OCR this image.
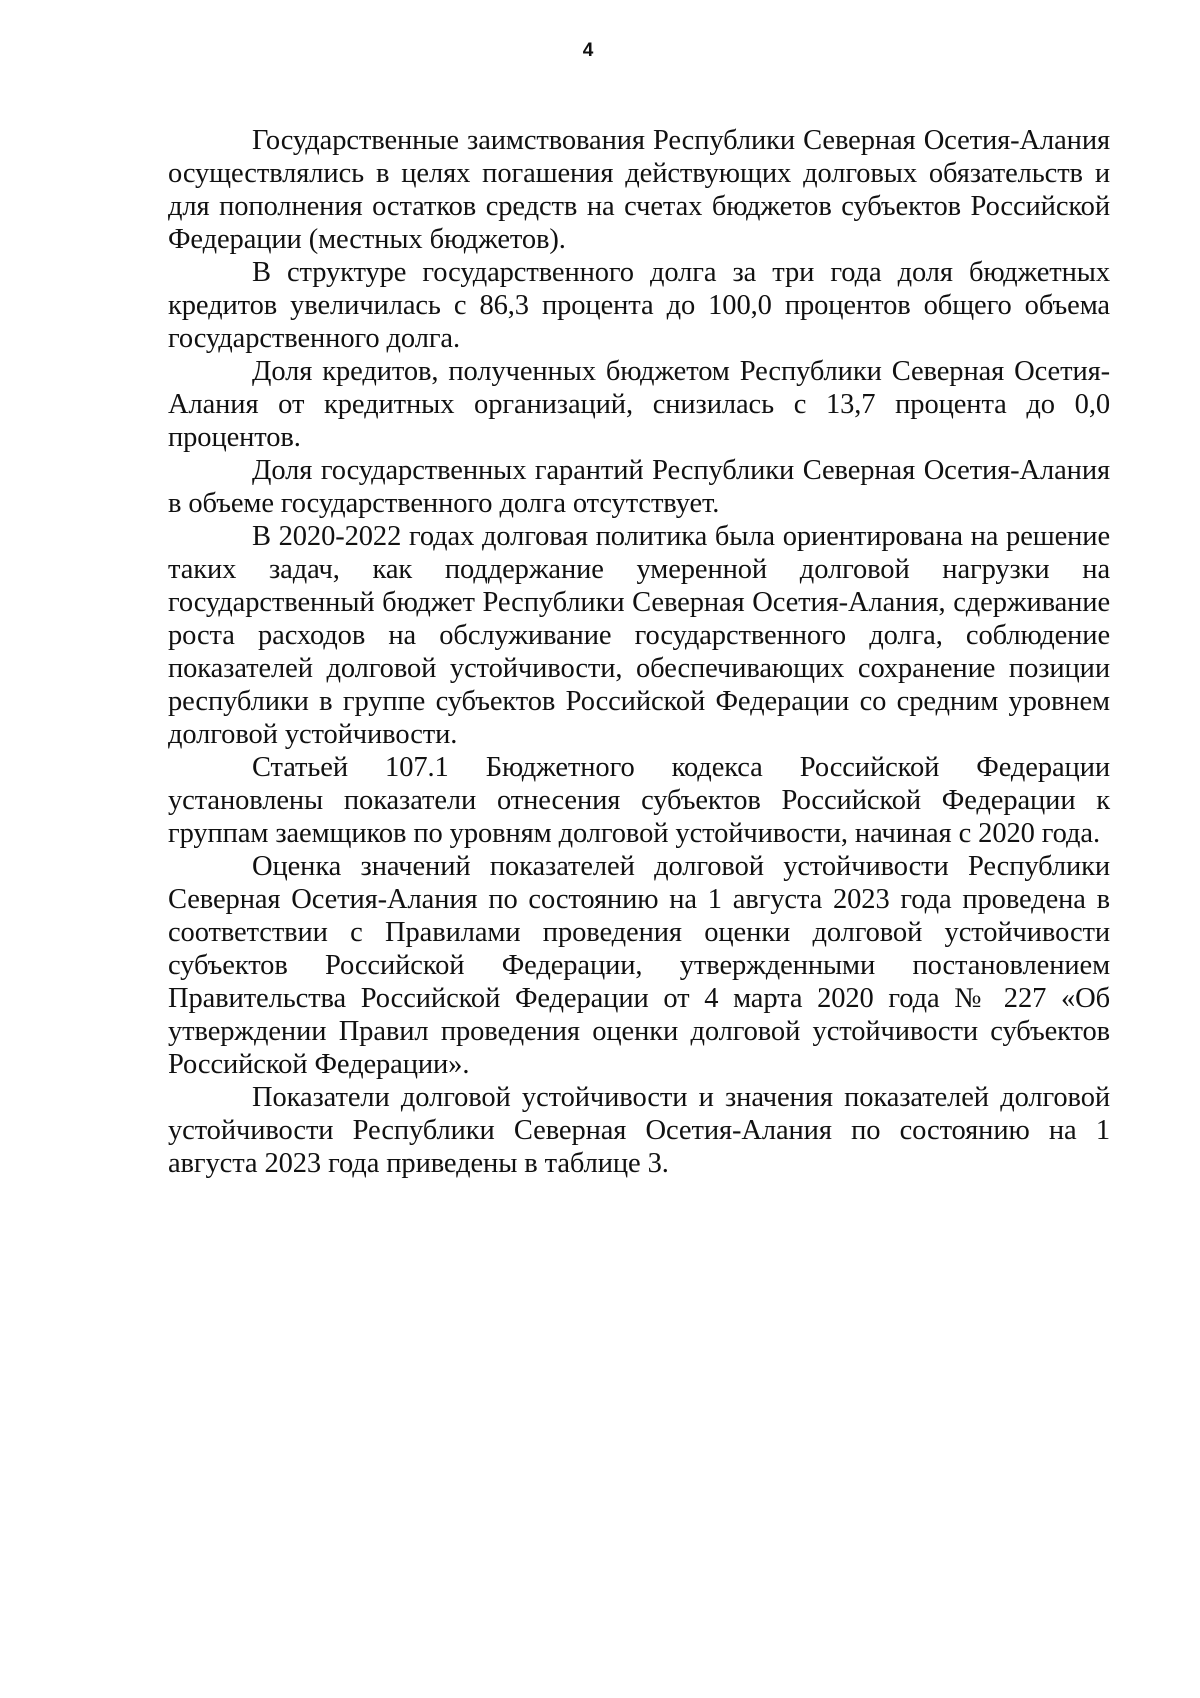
4

Государственные заимствования Республики Северная Осетия-Алания осуществлялись в целях погашения действующих долговых обязательств и для пополнения остатков средств на счетах бюджетов субъектов Российской Федерации (местных бюджетов).

В структуре государственного долга за три года доля бюджетных кредитов увеличилась с 86,3 процента до 100,0 процентов общего объема государственного долга.

Доля кредитов, полученных бюджетом Республики Северная Осетия-Алания от кредитных организаций, снизилась с 13,7 процента до 0,0 процентов.

Доля государственных гарантий Республики Северная Осетия-Алания в объеме государственного долга отсутствует.

В 2020-2022 годах долговая политика была ориентирована на решение таких задач, как поддержание умеренной долговой нагрузки на государственный бюджет Республики Северная Осетия-Алания, сдерживание роста расходов на обслуживание государственного долга, соблюдение показателей долговой устойчивости, обеспечивающих сохранение позиции республики в группе субъектов Российской Федерации со средним уровнем долговой устойчивости.

Статьей 107.1 Бюджетного кодекса Российской Федерации установлены показатели отнесения субъектов Российской Федерации к группам заемщиков по уровням долговой устойчивости, начиная с 2020 года.

Оценка значений показателей долговой устойчивости Республики Северная Осетия-Алания по состоянию на 1 августа 2023 года проведена в соответствии с Правилами проведения оценки долговой устойчивости субъектов Российской Федерации, утвержденными постановлением Правительства Российской Федерации от 4 марта 2020 года № 227 «Об утверждении Правил проведения оценки долговой устойчивости субъектов Российской Федерации».

Показатели долговой устойчивости и значения показателей долговой устойчивости Республики Северная Осетия-Алания по состоянию на 1 августа 2023 года приведены в таблице 3.
